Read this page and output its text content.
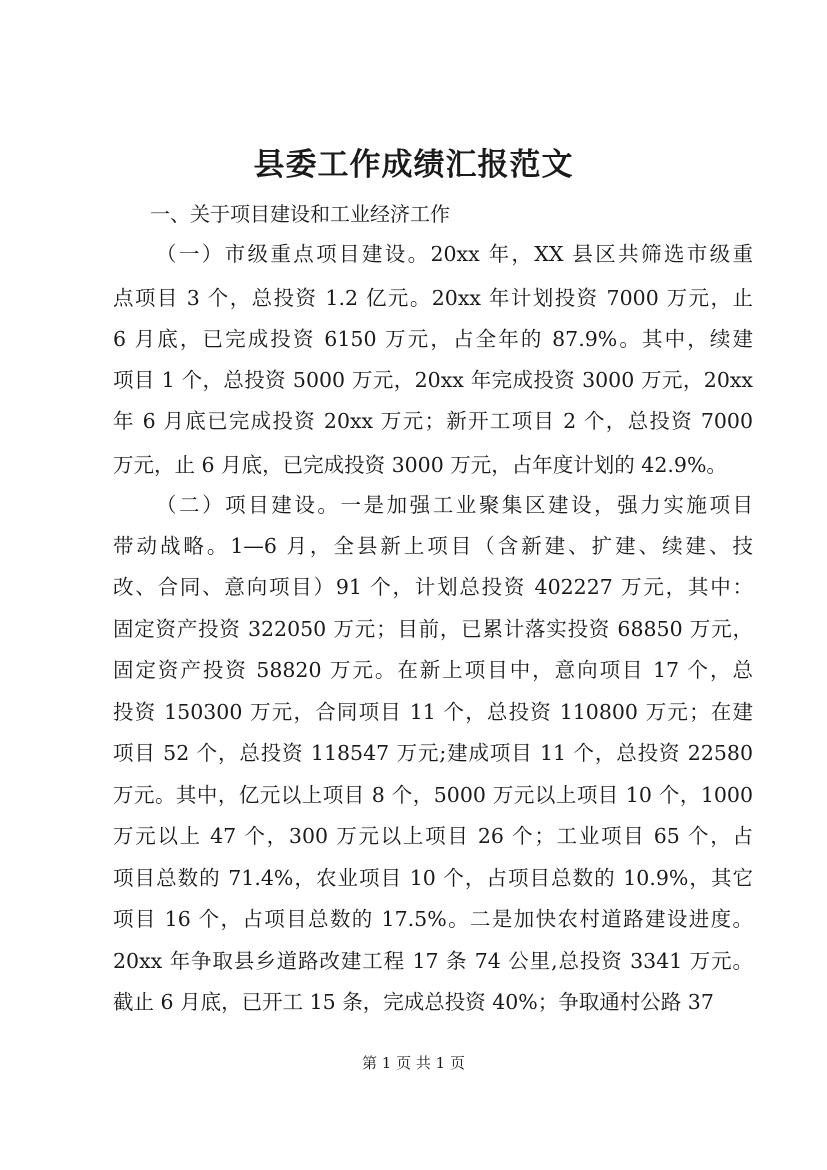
县委工作成绩汇报范文
一、关于项目建设和工业经济工作
（一）市级重点项目建设。20xx 年，XX 县区共筛选市级重
点项目 3 个，总投资 1.2 亿元。20xx 年计划投资 7000 万元，止
6 月底，已完成投资 6150 万元，占全年的 87.9%。其中，续建
项目 1 个，总投资 5000 万元，20xx 年完成投资 3000 万元，20xx
年 6 月底已完成投资 20xx 万元；新开工项目 2 个，总投资 7000
万元，止 6 月底，已完成投资 3000 万元，占年度计划的 42.9%。
（二）项目建设。一是加强工业聚集区建设，强力实施项目
带动战略。1—6 月，全县新上项目（含新建、扩建、续建、技
改、合同、意向项目）91 个，计划总投资 402227 万元，其中：
固定资产投资 322050 万元；目前，已累计落实投资 68850 万元，
固定资产投资 58820 万元。在新上项目中，意向项目 17 个，总
投资 150300 万元，合同项目 11 个，总投资 110800 万元；在建
项目 52 个，总投资 118547 万元;建成项目 11 个，总投资 22580
万元。其中，亿元以上项目 8 个，5000 万元以上项目 10 个，1000
万元以上 47 个，300 万元以上项目 26 个；工业项目 65 个，占
项目总数的 71.4%，农业项目 10 个，占项目总数的 10.9%，其它
项目 16 个，占项目总数的 17.5%。二是加快农村道路建设进度。
20xx 年争取县乡道路改建工程 17 条 74 公里,总投资 3341 万元。
截止 6 月底，已开工 15 条，完成总投资 40%；争取通村公路 37
第 1 页 共 1 页
